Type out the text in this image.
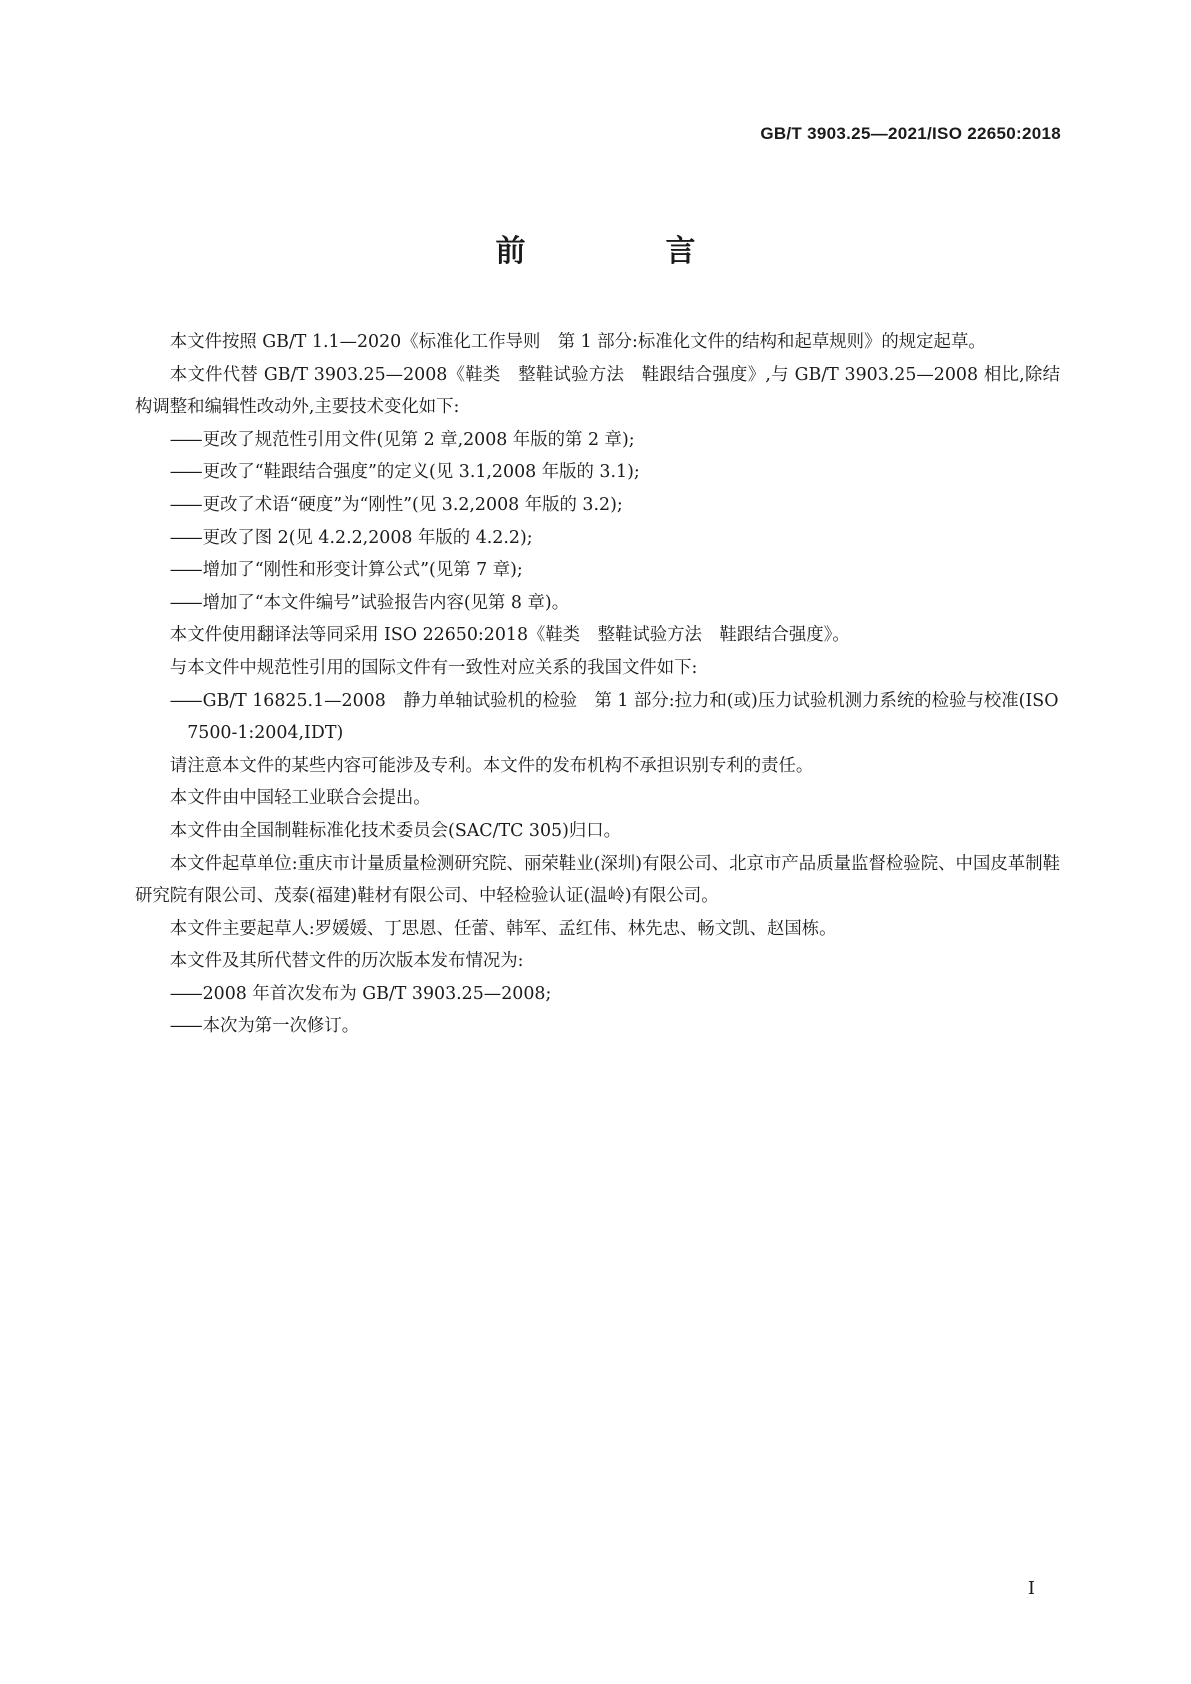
GB/T 3903.25—2021/ISO 22650:2018
前　言

本文件按照 GB/T 1.1—2020《标准化工作导则　第 1 部分:标准化文件的结构和起草规则》的规定起草。

本文件代替 GB/T 3903.25—2008《鞋类　整鞋试验方法　鞋跟结合强度》,与 GB/T 3903.25—2008 相比,除结构调整和编辑性改动外,主要技术变化如下:

—— 更改了规范性引用文件(见第 2 章,2008 年版的第 2 章);

—— 更改了“鞋跟结合强度”的定义(见 3.1,2008 年版的 3.1);

—— 更改了术语“硬度”为“刚性”(见 3.2,2008 年版的 3.2);

—— 更改了图 2(见 4.2.2,2008 年版的 4.2.2);

—— 增加了“刚性和形变计算公式”(见第 7 章);

—— 增加了“本文件编号”试验报告内容(见第 8 章)。

本文件使用翻译法等同采用 ISO 22650:2018《鞋类　整鞋试验方法　鞋跟结合强度》。

与本文件中规范性引用的国际文件有一致性对应关系的我国文件如下:

—— GB/T 16825.1—2008　静力单轴试验机的检验　第 1 部分:拉力和(或)压力试验机测力系统的检验与校准(ISO 7500-1:2004,IDT)

请注意本文件的某些内容可能涉及专利。本文件的发布机构不承担识别专利的责任。

本文件由中国轻工业联合会提出。

本文件由全国制鞋标准化技术委员会(SAC/TC 305)归口。

本文件起草单位:重庆市计量质量检测研究院、丽荣鞋业(深圳)有限公司、北京市产品质量监督检验院、中国皮革制鞋研究院有限公司、茂泰(福建)鞋材有限公司、中轻检验认证(温岭)有限公司。

本文件主要起草人:罗媛媛、丁思恩、任蕾、韩军、孟红伟、林先忠、畅文凯、赵国栋。

本文件及其所代替文件的历次版本发布情况为:

—— 2008 年首次发布为 GB/T 3903.25—2008;

—— 本次为第一次修订。

Ⅰ
